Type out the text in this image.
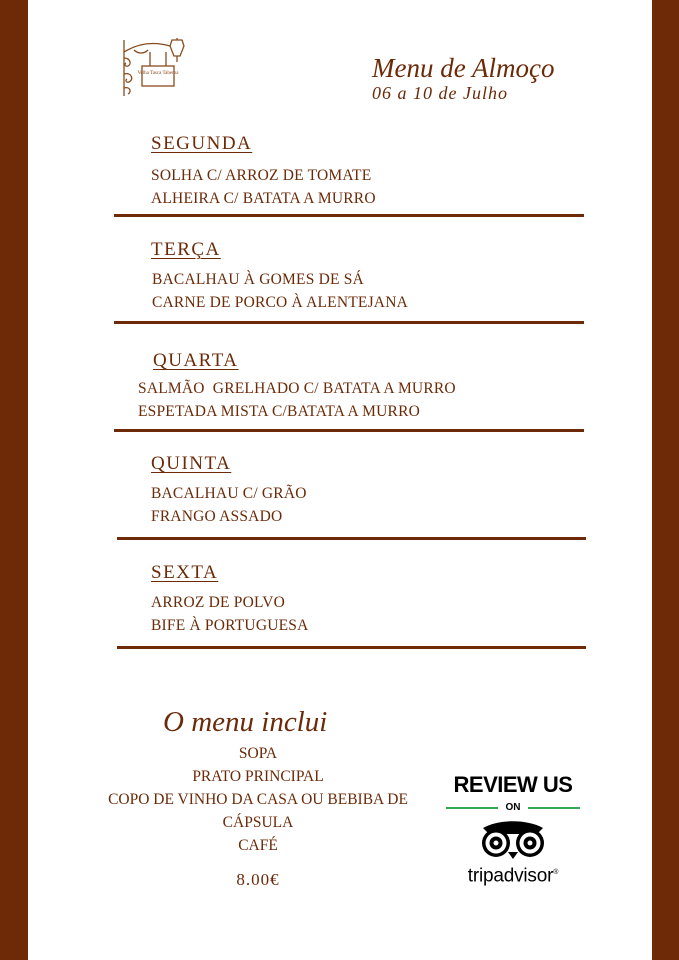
Velha Tasca Taberna	Menu de Almoço
06 a 10 de Julho
SEGUNDA
SOLHA C/ ARROZ DE TOMATE
ALHEIRA C/ BATATA A MURRO
TERÇA
BACALHAU À GOMES DE SÁ
CARNE DE PORCO À ALENTEJANA
QUARTA
SALMÃO  GRELHADO C/ BATATA A MURRO
ESPETADA MISTA C/BATATA A MURRO
QUINTA
BACALHAU C/ GRÃO
FRANGO ASSADO
SEXTA
ARROZ DE POLVO
BIFE À PORTUGUESA
O menu inclui
SOPA
PRATO PRINCIPAL
COPO DE VINHO DA CASA OU BEBIBA DE
CÁPSULA
CAFÉ
8.00€
REVIEW US
ON
tripadvisor®
